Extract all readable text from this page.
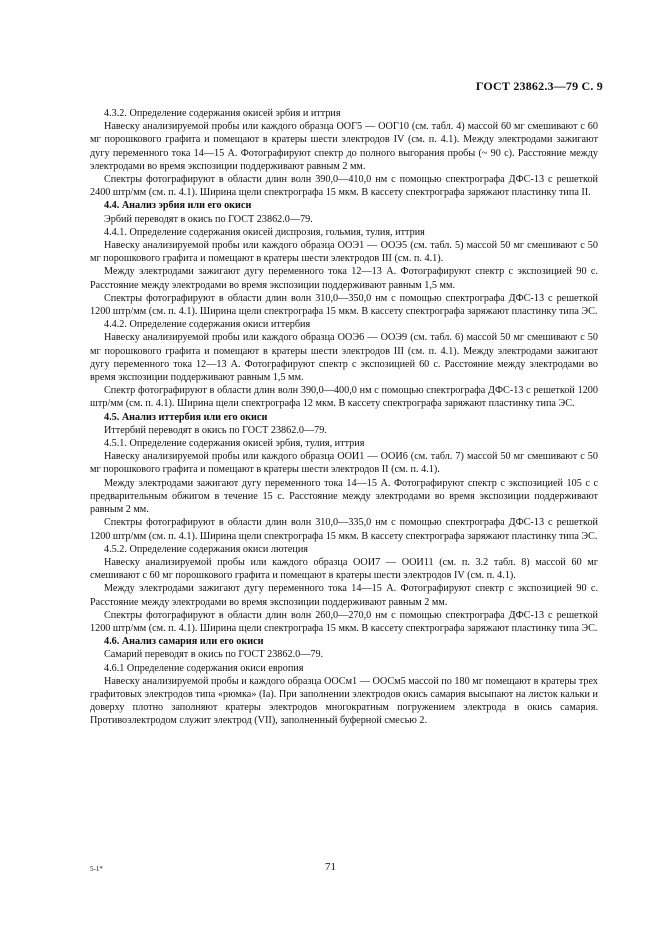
ГОСТ 23862.3—79 С. 9

4.3.2. Определение содержания окисей эрбия и иттрия

Навеску анализируемой пробы или каждого образца ООГ5 — ООГ10 (см. табл. 4) массой 60 мг смешивают с 60 мг порошкового графита и помещают в кратеры шести электродов IV (см. п. 4.1). Между электродами зажигают дугу переменного тока 14—15 А. Фотографируют спектр до полного выгорания пробы (~ 90 с). Расстояние между электродами во время экспозиции поддерживают равным 2 мм.

Спектры фотографируют в области длин волн 390,0—410,0 нм с помощью спектрографа ДФС-13 с решеткой 2400 штр/мм (см. п. 4.1). Ширина щели спектрографа 15 мкм. В кассету спектрографа заряжают пластинку типа II.

4.4. Анализ эрбия или его окиси

Эрбий переводят в окись по ГОСТ 23862.0—79.

4.4.1. Определение содержания окисей диспрозия, гольмия, тулия, иттрия

Навеску анализируемой пробы или каждого образца ООЭ1 — ООЭ5 (см. табл. 5) массой 50 мг смешивают с 50 мг порошкового графита и помещают в кратеры шести электродов III (см. п. 4.1).

Между электродами зажигают дугу переменного тока 12—13 А. Фотографируют спектр с экспозицией 90 с. Расстояние между электродами во время экспозиции поддерживают равным 1,5 мм.

Спектры фотографируют в области длин волн 310,0—350,0 нм с помощью спектрографа ДФС-13 с решеткой 1200 штр/мм (см. п. 4.1). Ширина щели спектрографа 15 мкм. В кассету спектрографа заряжают пластинку типа ЭС.

4.4.2. Определение содержания окиси иттербия

Навеску анализируемой пробы или каждого образца ООЭ6 — ООЭ9 (см. табл. 6) массой 50 мг смешивают с 50 мг порошкового графита и помещают в кратеры шести электродов III (см. п. 4.1). Между электродами зажигают дугу переменного тока 12—13 А. Фотографируют спектр с экспозицией 60 с. Расстояние между электродами во время экспозиции поддерживают равным 1,5 мм.

Спектр фотографируют в области длин волн 390,0—400,0 нм с помощью спектрографа ДФС-13 с решеткой 1200 штр/мм (см. п. 4.1). Ширина щели спектрографа 12 мкм. В кассету спектрографа заряжают пластинку типа ЭС.

4.5. Анализ иттербия или его окиси

Иттербий переводят в окись по ГОСТ 23862.0—79.

4.5.1. Определение содержания окисей эрбия, тулия, иттрия

Навеску анализируемой пробы или каждого образца ООИ1 — ООИ6 (см. табл. 7) массой 50 мг смешивают с 50 мг порошкового графита и помещают в кратеры шести электродов II (см. п. 4.1).

Между электродами зажигают дугу переменного тока 14—15 А. Фотографируют спектр с экспозицией 105 с с предварительным обжигом в течение 15 с. Расстояние между электродами во время экспозиции поддерживают равным 2 мм.

Спектры фотографируют в области длин волн 310,0—335,0 нм с помощью спектрографа ДФС-13 с решеткой 1200 штр/мм (см. п. 4.1). Ширина щели спектрографа 15 мкм. В кассету спектрографа заряжают пластинку типа ЭС.

4.5.2. Определение содержания окиси лютеция

Навеску анализируемой пробы или каждого образца ООИ7 — ООИ11 (см. п. 3.2 табл. 8) массой 60 мг смешивают с 60 мг порошкового графита и помещают в кратеры шести электродов IV (см. п. 4.1).

Между электродами зажигают дугу переменного тока 14—15 А. Фотографируют спектр с экспозицией 90 с. Расстояние между электродами во время экспозиции поддерживают равным 2 мм.

Спектры фотографируют в области длин волн 260,0—270,0 нм с помощью спектрографа ДФС-13 с решеткой 1200 штр/мм (см. п. 4.1). Ширина щели спектрографа 15 мкм. В кассету спектрографа заряжают пластинку типа ЭС.

4.6. Анализ самария или его окиси

Самарий переводят в окись по ГОСТ 23862.0—79.

4.6.1 Определение содержания окиси европия

Навеску анализируемой пробы и каждого образца ООСм1 — ООСм5 массой по 180 мг помещают в кратеры трех графитовых электродов типа «рюмка» (Iа). При заполнении электродов окись самария высыпают на листок кальки и доверху плотно заполняют кратеры электродов многократным погружением электрода в окись самария. Противоэлектродом служит электрод (VII), заполненный буферной смесью 2.

5-1*	71
